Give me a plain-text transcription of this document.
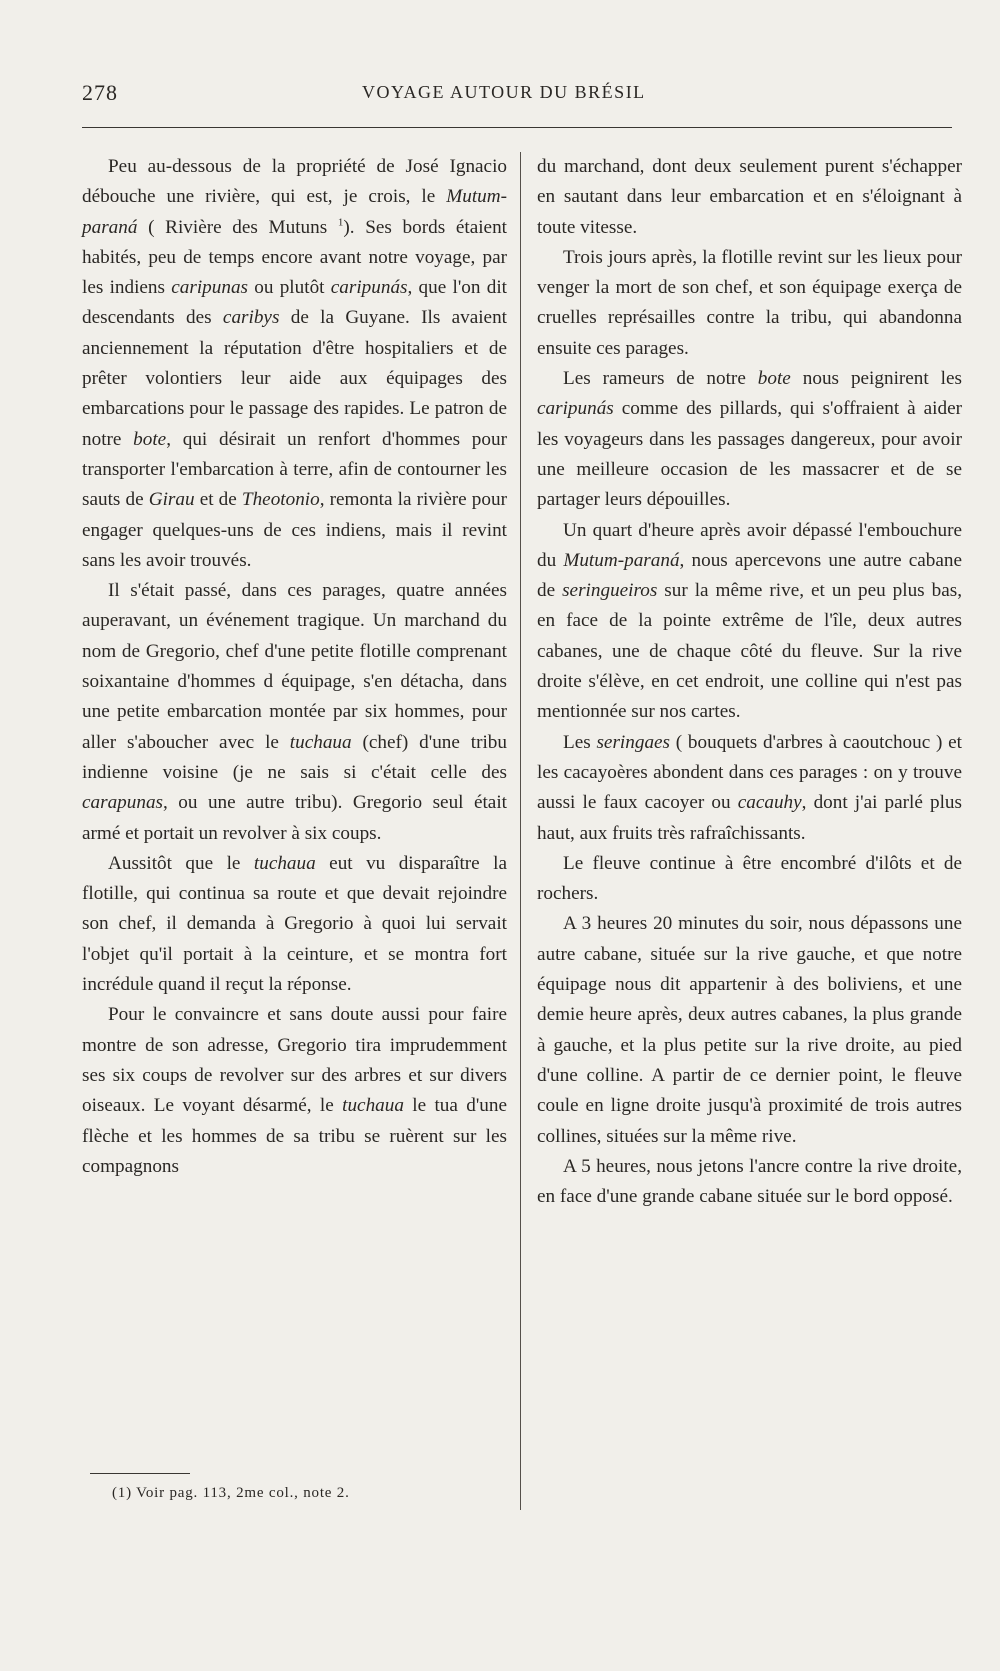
278	VOYAGE AUTOUR DU BRÉSIL

Peu au-dessous de la propriété de José Ignacio débouche une rivière, qui est, je crois, le Mutum-paraná ( Rivière des Mutuns $^1$). Ses bords étaient habités, peu de temps encore avant notre voyage, par les indiens caripunas ou plutôt caripunás, que l'on dit descendants des caribys de la Guyane. Ils avaient anciennement la réputation d'être hospitaliers et de prêter volontiers leur aide aux équipages des embarcations pour le passage des rapides. Le patron de notre bote, qui désirait un renfort d'hommes pour transporter l'embarcation à terre, afin de contourner les sauts de Girau et de Theotonio, remonta la rivière pour engager quelques-uns de ces indiens, mais il revint sans les avoir trouvés.

Il s'était passé, dans ces parages, quatre années auperavant, un événement tragique. Un marchand du nom de Gregorio, chef d'une petite flotille comprenant soixantaine d'hommes d équipage, s'en détacha, dans une petite embarcation montée par six hommes, pour aller s'aboucher avec le tuchaua (chef) d'une tribu indienne voisine (je ne sais si c'était celle des carapunas, ou une autre tribu). Gregorio seul était armé et portait un revolver à six coups.

Aussitôt que le tuchaua eut vu disparaître la flotille, qui continua sa route et que devait rejoindre son chef, il demanda à Gregorio à quoi lui servait l'objet qu'il portait à la ceinture, et se montra fort incrédule quand il reçut la réponse.

Pour le convaincre et sans doute aussi pour faire montre de son adresse, Gregorio tira imprudemment ses six coups de revolver sur des arbres et sur divers oiseaux. Le voyant désarmé, le tuchaua le tua d'une flèche et les hommes de sa tribu se ruèrent sur les compagnons

du marchand, dont deux seulement purent s'échapper en sautant dans leur embarcation et en s'éloignant à toute vitesse.

Trois jours après, la flotille revint sur les lieux pour venger la mort de son chef, et son équipage exerça de cruelles représailles contre la tribu, qui abandonna ensuite ces parages.

Les rameurs de notre bote nous peignirent les caripunás comme des pillards, qui s'offraient à aider les voyageurs dans les passages dangereux, pour avoir une meilleure occasion de les massacrer et de se partager leurs dépouilles.

Un quart d'heure après avoir dépassé l'embouchure du Mutum-paraná, nous apercevons une autre cabane de seringueiros sur la même rive, et un peu plus bas, en face de la pointe extrême de l'île, deux autres cabanes, une de chaque côté du fleuve. Sur la rive droite s'élève, en cet endroit, une colline qui n'est pas mentionnée sur nos cartes.

Les seringaes ( bouquets d'arbres à caoutchouc ) et les cacayoères abondent dans ces parages : on y trouve aussi le faux cacoyer ou cacauhy, dont j'ai parlé plus haut, aux fruits très rafraîchissants.

Le fleuve continue à être encombré d'ilôts et de rochers.

A 3 heures 20 minutes du soir, nous dépassons une autre cabane, située sur la rive gauche, et que notre équipage nous dit appartenir à des boliviens, et une demie heure après, deux autres cabanes, la plus grande à gauche, et la plus petite sur la rive droite, au pied d'une colline. A partir de ce dernier point, le fleuve coule en ligne droite jusqu'à proximité de trois autres collines, situées sur la même rive.

A 5 heures, nous jetons l'ancre contre la rive droite, en face d'une grande cabane située sur le bord opposé.

(1) Voir pag. 113, 2me col., note 2.
